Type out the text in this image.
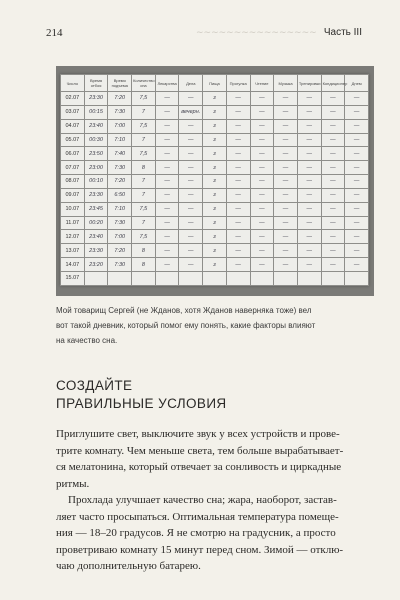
214	∼∼∼∼∼∼∼∼∼∼∼∼∼∼∼∼ Часть III
Число	Время отбоя	Время подъема	Количество сна	Лекарства	Дела	Пища	Прогулка	Чтение	Музыка	Тренировки	Кондиционер	Днем
02.07	23:30	7:20	7,5	—	—	з	—	—	—	—	—	—
03.07	00:15	7:30	7	—	вечерн.	з	—	—	—	—	—	—
04.07	23:40	7:00	7,5	—	—	з	—	—	—	—	—	—
05.07	00:30	7:10	7	—	—	з	—	—	—	—	—	—
06.07	23:50	7:40	7,5	—	—	з	—	—	—	—	—	—
07.07	23:00	7:30	8	—	—	з	—	—	—	—	—	—
08.07	00:10	7:20	7	—	—	з	—	—	—	—	—	—
09.07	23:30	6:50	7	—	—	з	—	—	—	—	—	—
10.07	23:45	7:10	7,5	—	—	з	—	—	—	—	—	—
11.07	00:20	7:30	7	—	—	з	—	—	—	—	—	—
12.07	23:40	7:00	7,5	—	—	з	—	—	—	—	—	—
13.07	23:30	7:20	8	—	—	з	—	—	—	—	—	—
14.07	23:20	7:30	8	—	—	з	—	—	—	—	—	—
15.07												
Мой товарищ Сергей (не Жданов, хотя Жданов наверняка тоже) вел
вот такой дневник, который помог ему понять, какие факторы влияют
на качество сна.
СОЗДАЙТЕ
ПРАВИЛЬНЫЕ УСЛОВИЯ
Приглушите свет, выключите звук у всех устройств и прове-
трите комнату. Чем меньше света, тем больше вырабатывает-
ся мелатонина, который отвечает за сонливость и циркадные
ритмы.
Прохлада улучшает качество сна; жара, наоборот, застав-
ляет часто просыпаться. Оптимальная температура помеще-
ния — 18–20 градусов. Я не смотрю на градусник, а просто
проветриваю комнату 15 минут перед сном. Зимой — отклю-
чаю дополнительную батарею.
